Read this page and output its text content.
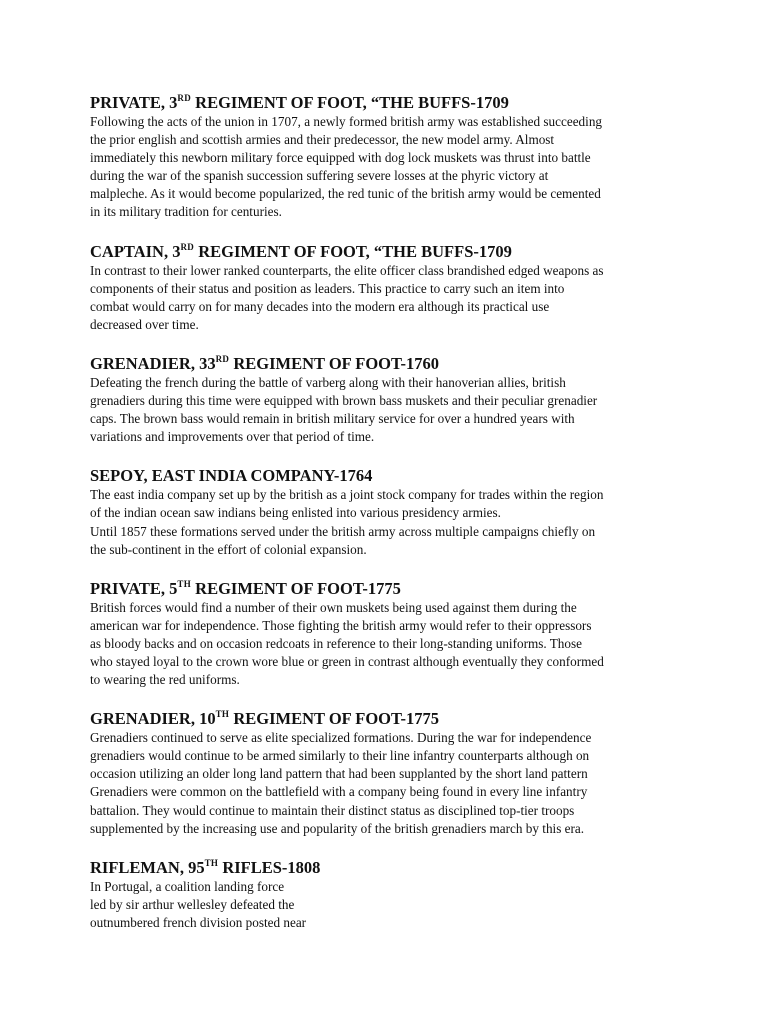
PRIVATE, 3RD REGIMENT OF FOOT, “THE BUFFS-1709
Following the acts of the union in 1707, a newly formed british army was established succeeding
the prior english and scottish armies and their predecessor, the new model army. Almost
immediately this newborn military force equipped with dog lock muskets was thrust into battle
during the war of the spanish succession suffering severe losses at the phyric victory at
malpleche. As it would become popularized, the red tunic of the british army would be cemented
in its military tradition for centuries.
CAPTAIN, 3RD REGIMENT OF FOOT, “THE BUFFS-1709
In contrast to their lower ranked counterparts, the elite officer class brandished edged weapons as
components of their status and position as leaders. This practice to carry such an item into
combat would carry on for many decades into the modern era although its practical use
decreased over time.
GRENADIER, 33RD REGIMENT OF FOOT-1760
Defeating the french during the battle of varberg along with their hanoverian allies, british
grenadiers during this time were equipped with brown bass muskets and their peculiar grenadier
caps. The brown bass would remain in british military service for over a hundred years with
variations and improvements over that period of time.
SEPOY, EAST INDIA COMPANY-1764
The east india company set up by the british as a joint stock company for trades within the region
of the indian ocean saw indians being enlisted into various presidency armies.
Until 1857 these formations served under the british army across multiple campaigns chiefly on
the sub-continent in the effort of colonial expansion.
PRIVATE, 5TH REGIMENT OF FOOT-1775
British forces would find a number of their own muskets being used against them during the
american war for independence. Those fighting the british army would refer to their oppressors
as bloody backs and on occasion redcoats in reference to their long-standing uniforms. Those
who stayed loyal to the crown wore blue or green in contrast although eventually they conformed
to wearing the red uniforms.
GRENADIER, 10TH REGIMENT OF FOOT-1775
Grenadiers continued to serve as elite specialized formations. During the war for independence
grenadiers would continue to be armed similarly to their line infantry counterparts although on
occasion utilizing an older long land pattern that had been supplanted by the short land pattern
Grenadiers were common on the battlefield with a company being found in every line infantry
battalion. They would continue to maintain their distinct status as disciplined top-tier troops
supplemented by the increasing use and popularity of the british grenadiers march by this era.
RIFLEMAN, 95TH RIFLES-1808
In Portugal, a coalition landing force
led by sir arthur wellesley defeated the
outnumbered french division posted near
